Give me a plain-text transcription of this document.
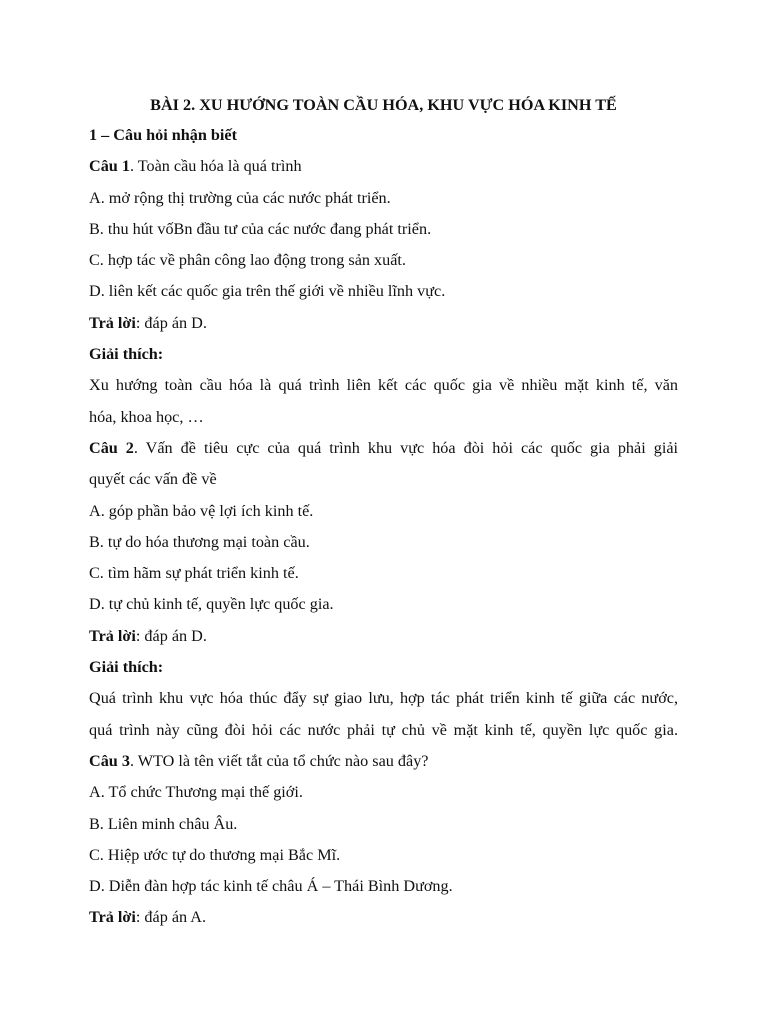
BÀI 2. XU HƯỚNG TOÀN CẦU HÓA, KHU VỰC HÓA KINH TẾ
1 – Câu hỏi nhận biết
Câu 1. Toàn cầu hóa là quá trình
A. mở rộng thị trường của các nước phát triển.
B. thu hút vốBn đầu tư của các nước đang phát triển.
C. hợp tác về phân công lao động trong sản xuất.
D. liên kết các quốc gia trên thế giới về nhiều lĩnh vực.
Trả lời: đáp án D.
Giải thích:
Xu hướng toàn cầu hóa là quá trình liên kết các quốc gia về nhiều mặt kinh tế, văn
hóa, khoa học, …
Câu 2. Vấn đề tiêu cực của quá trình khu vực hóa đòi hỏi các quốc gia phải giải
quyết các vấn đề về
A. góp phần bảo vệ lợi ích kinh tế.
B. tự do hóa thương mại toàn cầu.
C. tìm hãm sự phát triển kinh tế.
D. tự chủ kinh tế, quyền lực quốc gia.
Trả lời: đáp án D.
Giải thích:
Quá trình khu vực hóa thúc đẩy sự giao lưu, hợp tác phát triển kinh tế giữa các nước,
quá trình này cũng đòi hỏi các nước phải tự chủ về mặt kinh tế, quyền lực quốc gia.
Câu 3. WTO là tên viết tắt của tổ chức nào sau đây?
A. Tổ chức Thương mại thế giới.
B. Liên minh châu Âu.
C. Hiệp ước tự do thương mại Bắc Mĩ.
D. Diễn đàn hợp tác kinh tế châu Á – Thái Bình Dương.
Trả lời: đáp án A.
